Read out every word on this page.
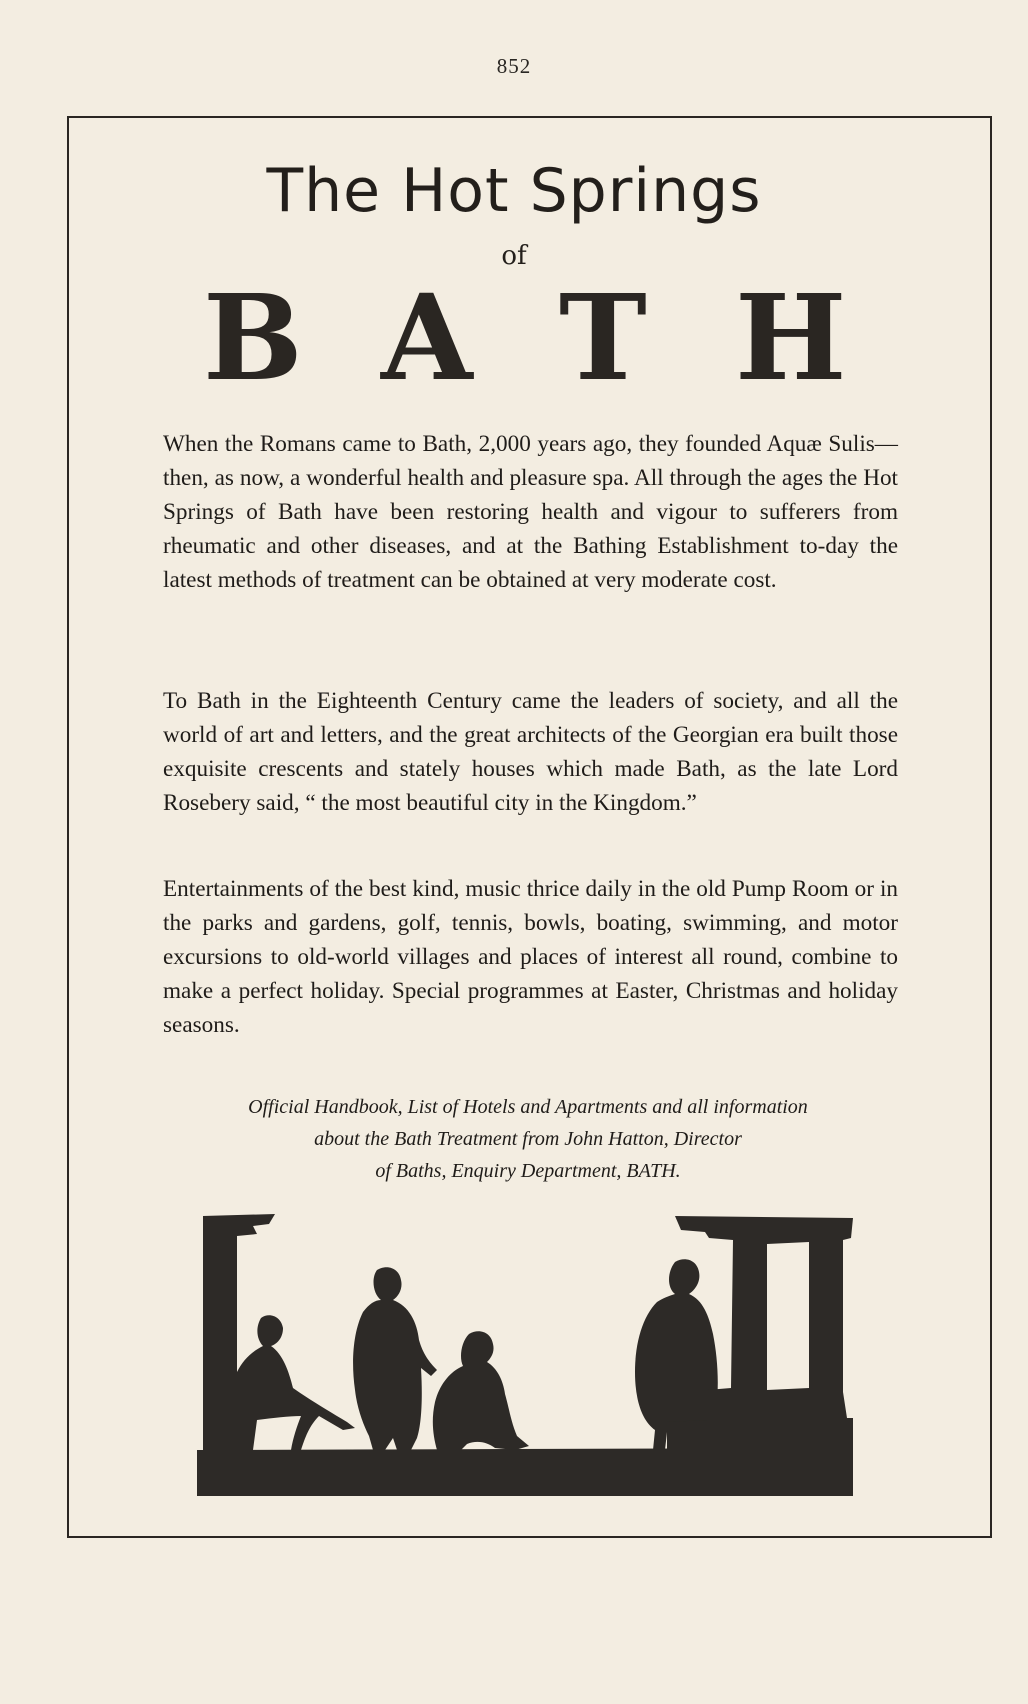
852
The Hot Springs
of
B A T H

When the Romans came to Bath, 2,000 years ago, they founded Aquæ Sulis—then, as now, a wonderful health and pleasure spa. All through the ages the Hot Springs of Bath have been restoring health and vigour to sufferers from rheumatic and other diseases, and at the Bathing Establishment to-day the latest methods of treatment can be obtained at very moderate cost.

To Bath in the Eighteenth Century came the leaders of society, and all the world of art and letters, and the great architects of the Georgian era built those exquisite crescents and stately houses which made Bath, as the late Lord Rosebery said, “ the most beautiful city in the Kingdom.”

Entertainments of the best kind, music thrice daily in the old Pump Room or in the parks and gardens, golf, tennis, bowls, boating, swimming, and motor excursions to old-world villages and places of interest all round, combine to make a perfect holiday. Special programmes at Easter, Christmas and holiday seasons.

Official Handbook, List of Hotels and Apartments and all information
about the Bath Treatment from John Hatton, Director
of Baths, Enquiry Department, BATH.
